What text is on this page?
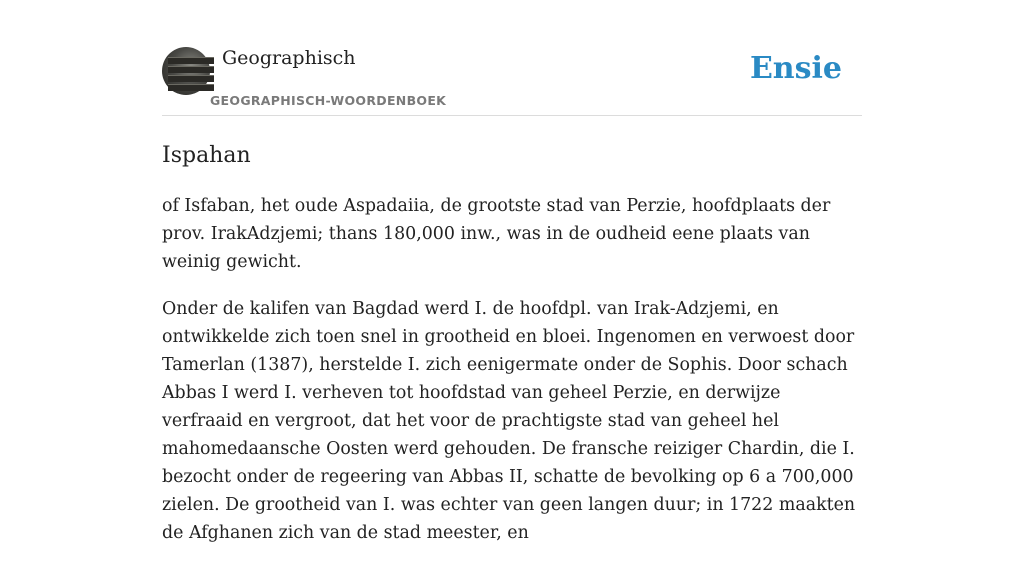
Geographisch
GEOGRAPHISCH-WOORDENBOEK
Ensie
Ispahan

of Isfaban, het oude Aspadaiia, de grootste stad van Perzie, hoofdplaats der prov. IrakAdzjemi; thans 180,000 inw., was in de oudheid eene plaats van weinig gewicht.

Onder de kalifen van Bagdad werd I. de hoofdpl. van Irak-Adzjemi, en ontwikkelde zich toen snel in grootheid en bloei. Ingenomen en verwoest door Tamerlan (1387), herstelde I. zich eenigermate onder de Sophis. Door schach Abbas I werd I. verheven tot hoofdstad van geheel Perzie, en derwijze verfraaid en vergroot, dat het voor de prachtigste stad van geheel hel mahomedaansche Oosten werd gehouden. De fransche reiziger Chardin, die I. bezocht onder de regeering van Abbas II, schatte de bevolking op 6 a 700,000 zielen. De grootheid van I. was echter van geen langen duur; in 1722 maakten de Afghanen zich van de stad meester, en
